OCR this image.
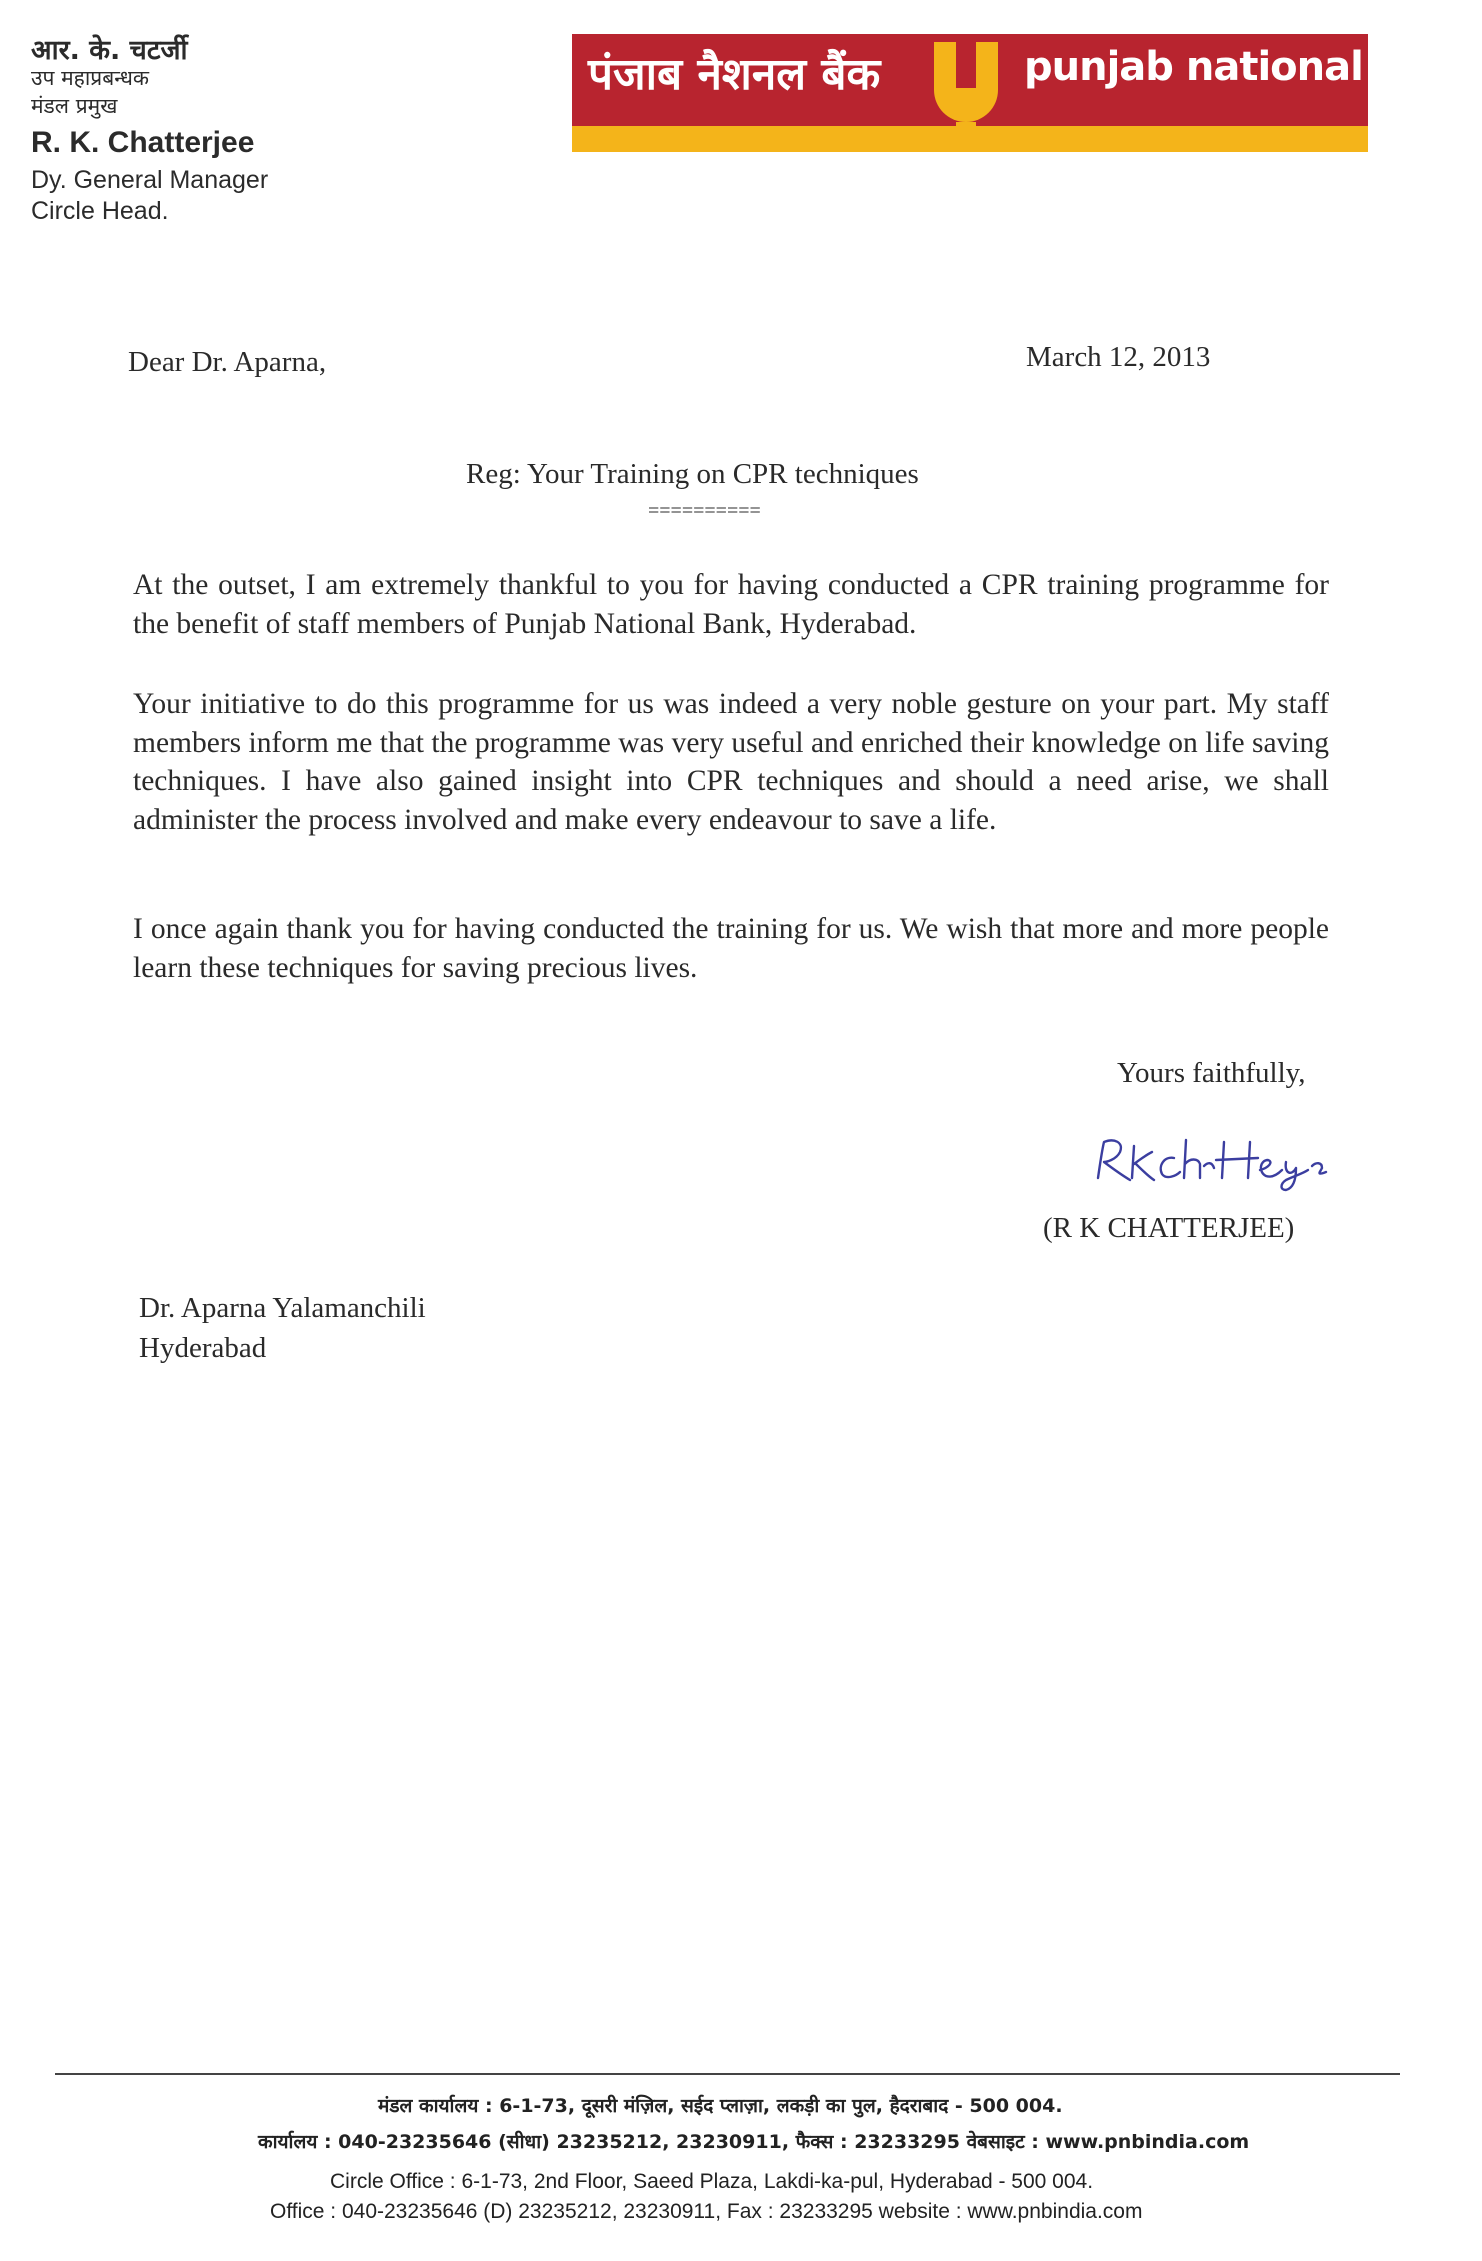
आर. के. चटर्जी
उप महाप्रबन्धक
मंडल प्रमुख
R. K. Chatterjee
Dy. General Manager
Circle Head.
पंजाब नैशनल बैंक	punjab national bank
Dear Dr. Aparna,	March 12, 2013
Reg: Your Training on CPR techniques
==========

At the outset, I am extremely thankful to you for having conducted a CPR training programme for the benefit of staff members of Punjab National Bank, Hyderabad.

Your initiative to do this programme for us was indeed a very noble gesture on your part. My staff members inform me that the programme was very useful and enriched their knowledge on life saving techniques. I have also gained insight into CPR techniques and should a need arise, we shall administer the process involved and make every endeavour to save a life.

I once again thank you for having conducted the training for us. We wish that more and more people learn these techniques for saving precious lives.

Yours faithfully,
(R K CHATTERJEE)
Dr. Aparna Yalamanchili
Hyderabad
मंडल कार्यालय : 6-1-73, दूसरी मंज़िल, सईद प्लाज़ा, लकड़ी का पुल, हैदराबाद - 500 004.
कार्यालय : 040-23235646 (सीधा) 23235212, 23230911, फैक्स : 23233295 वेबसाइट : www.pnbindia.com
Circle Office : 6-1-73, 2nd Floor, Saeed Plaza, Lakdi-ka-pul, Hyderabad - 500 004.
Office : 040-23235646 (D) 23235212, 23230911, Fax : 23233295 website : www.pnbindia.com
